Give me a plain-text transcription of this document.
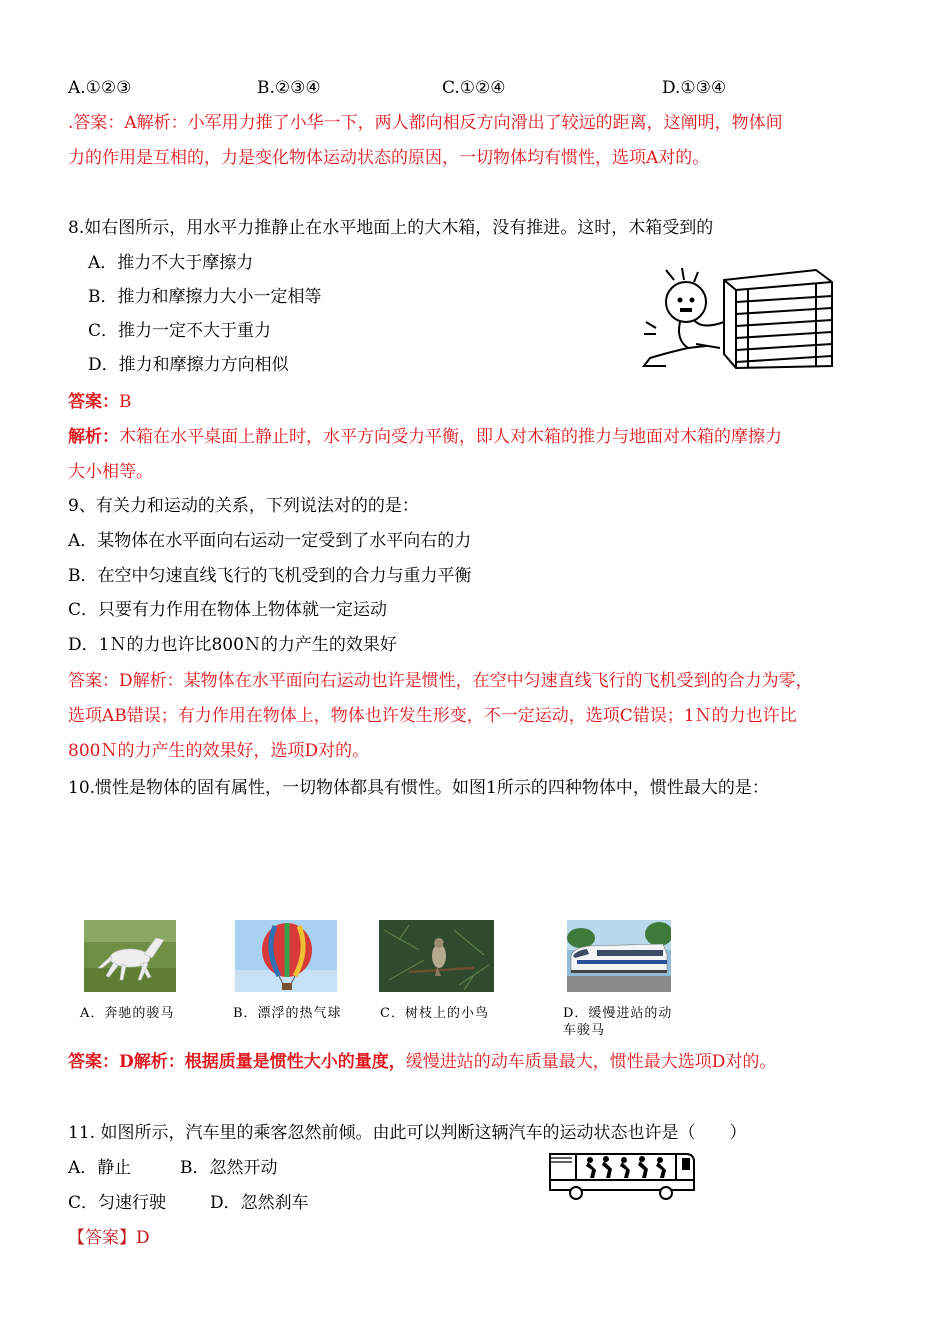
A.①②③	B.②③④	C.①②④	D.①③④
.答案：A解析：小军用力推了小华一下，两人都向相反方向滑出了较远的距离，这阐明，物体间
力的作用是互相的，力是变化物体运动状态的原因，一切物体均有惯性，选项A对的。
8.如右图所示，用水平力推静止在水平地面上的大木箱，没有推进。这时，木箱受到的
A．推力不大于摩擦力
B．推力和摩擦力大小一定相等
C．推力一定不大于重力
D．推力和摩擦力方向相似
答案：B
解析：木箱在水平桌面上静止时，水平方向受力平衡，即人对木箱的推力与地面对木箱的摩擦力
大小相等。
9、有关力和运动的关系，下列说法对的的是：
A．某物体在水平面向右运动一定受到了水平向右的力
B．在空中匀速直线飞行的飞机受到的合力与重力平衡
C．只要有力作用在物体上物体就一定运动
D．1Ｎ的力也许比800Ｎ的力产生的效果好
答案：D解析：某物体在水平面向右运动也许是惯性，在空中匀速直线飞行的飞机受到的合力为零，
选项AB错误；有力作用在物体上，物体也许发生形变，不一定运动，选项C错误；1Ｎ的力也许比
800Ｎ的力产生的效果好，选项D对的。
10.惯性是物体的固有属性，一切物体都具有惯性。如图1所示的四种物体中，惯性最大的是：
A．奔驰的骏马	B．漂浮的热气球	C．树枝上的小鸟	D．缓慢进站的动车骏马
答案：D解析：根据质量是惯性大小的量度，缓慢进站的动车质量最大，惯性最大选项D对的。
11. 如图所示，汽车里的乘客忽然前倾。由此可以判断这辆汽车的运动状态也许是（　　）
A．静止	B．忽然开动
C．匀速行驶	D．忽然刹车
【答案】D
